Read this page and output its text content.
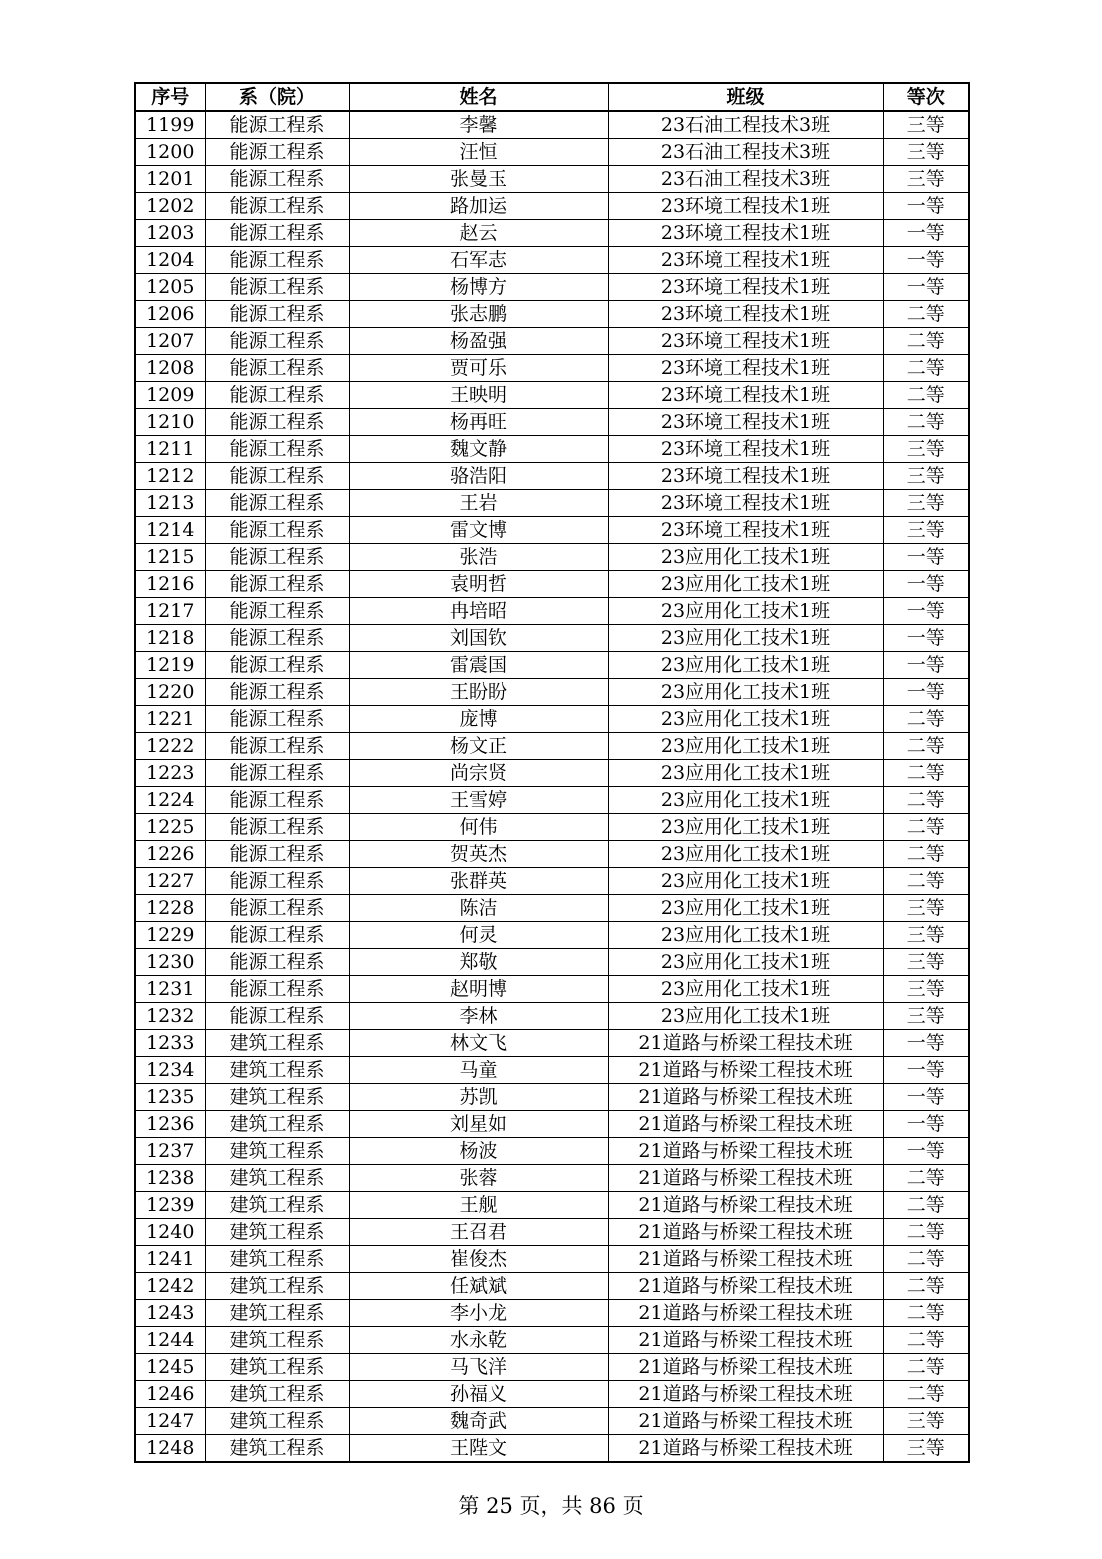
序号	系（院）	姓名	班级	等次
1199	能源工程系	李馨	23石油工程技术3班	三等
1200	能源工程系	汪恒	23石油工程技术3班	三等
1201	能源工程系	张曼玉	23石油工程技术3班	三等
1202	能源工程系	路加运	23环境工程技术1班	一等
1203	能源工程系	赵云	23环境工程技术1班	一等
1204	能源工程系	石军志	23环境工程技术1班	一等
1205	能源工程系	杨博方	23环境工程技术1班	一等
1206	能源工程系	张志鹏	23环境工程技术1班	二等
1207	能源工程系	杨盈强	23环境工程技术1班	二等
1208	能源工程系	贾可乐	23环境工程技术1班	二等
1209	能源工程系	王映明	23环境工程技术1班	二等
1210	能源工程系	杨再旺	23环境工程技术1班	二等
1211	能源工程系	魏文静	23环境工程技术1班	三等
1212	能源工程系	骆浩阳	23环境工程技术1班	三等
1213	能源工程系	王岩	23环境工程技术1班	三等
1214	能源工程系	雷文博	23环境工程技术1班	三等
1215	能源工程系	张浩	23应用化工技术1班	一等
1216	能源工程系	袁明哲	23应用化工技术1班	一等
1217	能源工程系	冉培昭	23应用化工技术1班	一等
1218	能源工程系	刘国钦	23应用化工技术1班	一等
1219	能源工程系	雷震国	23应用化工技术1班	一等
1220	能源工程系	王盼盼	23应用化工技术1班	一等
1221	能源工程系	庞博	23应用化工技术1班	二等
1222	能源工程系	杨文正	23应用化工技术1班	二等
1223	能源工程系	尚宗贤	23应用化工技术1班	二等
1224	能源工程系	王雪婷	23应用化工技术1班	二等
1225	能源工程系	何伟	23应用化工技术1班	二等
1226	能源工程系	贺英杰	23应用化工技术1班	二等
1227	能源工程系	张群英	23应用化工技术1班	二等
1228	能源工程系	陈洁	23应用化工技术1班	三等
1229	能源工程系	何灵	23应用化工技术1班	三等
1230	能源工程系	郑敬	23应用化工技术1班	三等
1231	能源工程系	赵明博	23应用化工技术1班	三等
1232	能源工程系	李林	23应用化工技术1班	三等
1233	建筑工程系	林文飞	21道路与桥梁工程技术班	一等
1234	建筑工程系	马童	21道路与桥梁工程技术班	一等
1235	建筑工程系	苏凯	21道路与桥梁工程技术班	一等
1236	建筑工程系	刘星如	21道路与桥梁工程技术班	一等
1237	建筑工程系	杨波	21道路与桥梁工程技术班	一等
1238	建筑工程系	张蓉	21道路与桥梁工程技术班	二等
1239	建筑工程系	王舰	21道路与桥梁工程技术班	二等
1240	建筑工程系	王召君	21道路与桥梁工程技术班	二等
1241	建筑工程系	崔俊杰	21道路与桥梁工程技术班	二等
1242	建筑工程系	任斌斌	21道路与桥梁工程技术班	二等
1243	建筑工程系	李小龙	21道路与桥梁工程技术班	二等
1244	建筑工程系	水永乾	21道路与桥梁工程技术班	二等
1245	建筑工程系	马飞洋	21道路与桥梁工程技术班	二等
1246	建筑工程系	孙福义	21道路与桥梁工程技术班	二等
1247	建筑工程系	魏奇武	21道路与桥梁工程技术班	三等
1248	建筑工程系	王陛文	21道路与桥梁工程技术班	三等
第 25 页，共 86 页
